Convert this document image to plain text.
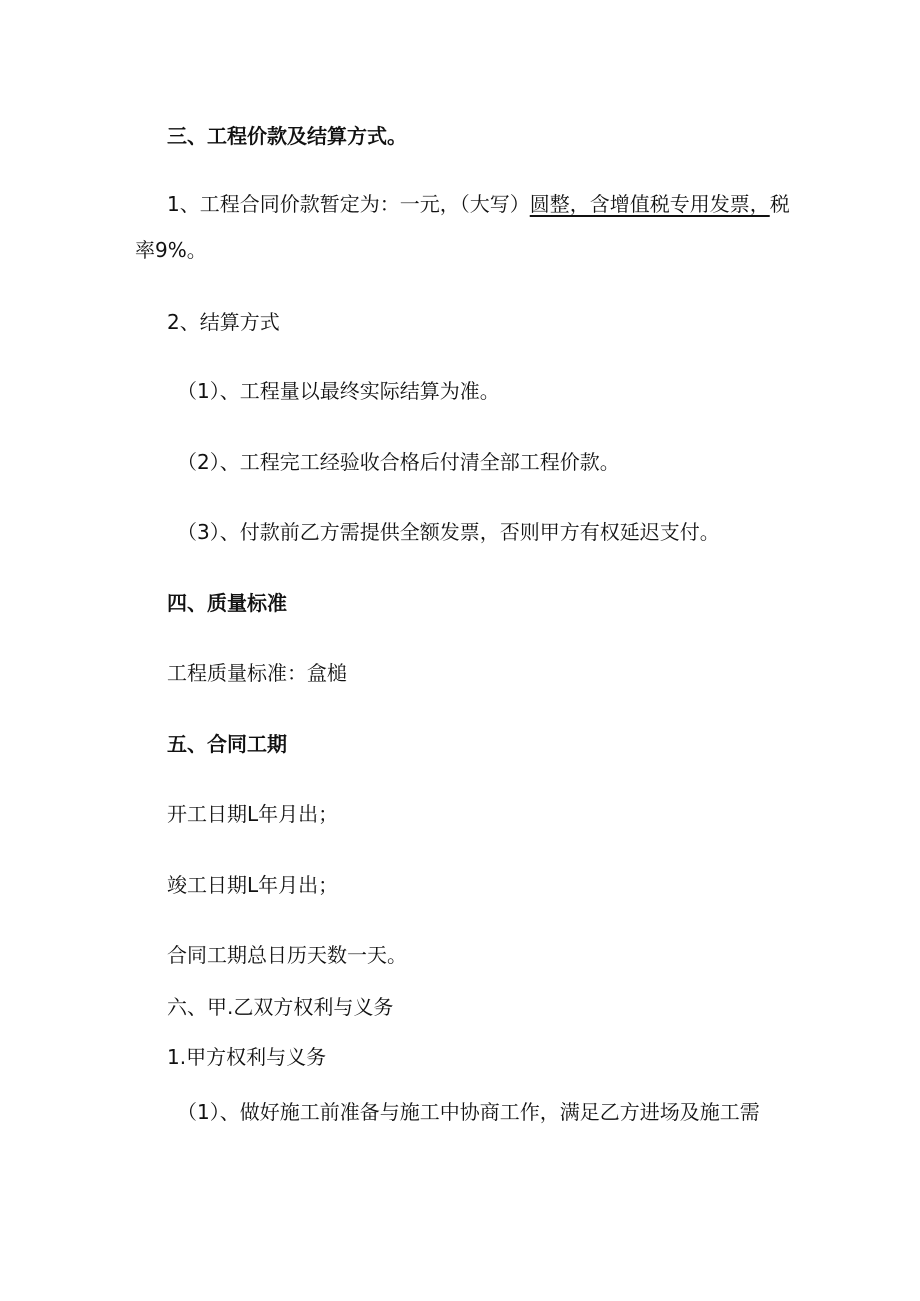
三、工程价款及结算方式。
1、工程合同价款暂定为：一元，（大写）圆整，含增值税专用发票，税
率9%。
2、结算方式
（1）、工程量以最终实际结算为准。
（2）、工程完工经验收合格后付清全部工程价款。
（3）、付款前乙方需提供全额发票，否则甲方有权延迟支付。
四、质量标准
工程质量标准：盒槌
五、合同工期
开工日期L年月出；
竣工日期L年月出；
合同工期总日历天数一天。
六、甲.乙双方权利与义务
1.甲方权利与义务
（1）、做好施工前准备与施工中协商工作，满足乙方进场及施工需
